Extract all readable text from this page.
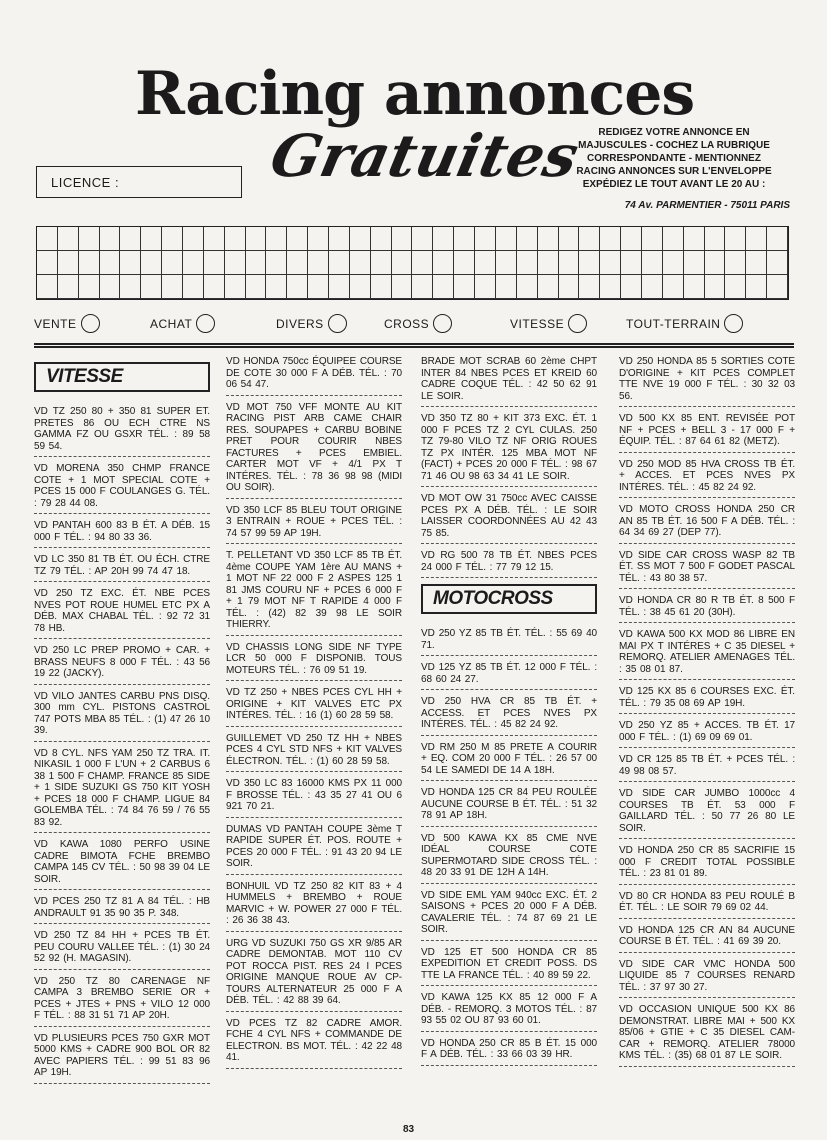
Racing annonces
Gratuites
LICENCE :
REDIGEZ VOTRE ANNONCE EN
MAJUSCULES - COCHEZ LA RUBRIQUE
CORRESPONDANTE - MENTIONNEZ
RACING ANNONCES SUR L'ENVELOPPE
EXPÉDIEZ LE TOUT AVANT LE 20 AU :
74 Av. PARMENTIER - 75011 PARIS
VENTE	ACHAT	DIVERS	CROSS	VITESSE	TOUT-TERRAIN
VITESSE
VD TZ 250 80 + 350 81 SUPER ET. PRETES 86 OU ECH CTRE NS GAMMA FZ OU GSXR TÉL. : 89 58 59 54.
VD MORENA 350 CHMP FRANCE COTE + 1 MOT SPECIAL COTE + PCES 15 000 F COULANGES G. TÉL. : 79 28 44 08.
VD PANTAH 600 83 B ÉT. A DÉB. 15 000 F TÉL. : 94 80 33 36.
VD LC 350 81 TB ÉT. OU ÉCH. CTRE TZ 79 TÉL. : AP 20H 99 74 47 18.
VD 250 TZ EXC. ÉT. NBE PCES NVES POT ROUE HUMEL ETC PX A DÉB. MAX CHABAL TÉL. : 92 72 31 78 HB.
VD 250 LC PREP PROMO + CAR. + BRASS NEUFS 8 000 F TÉL. : 43 56 19 22 (JACKY).
VD VILO JANTES CARBU PNS DISQ. 300 mm CYL. PISTONS CASTROL 747 POTS MBA 85 TÉL. : (1) 47 26 10 39.
VD 8 CYL. NFS YAM 250 TZ TRA. IT. NIKASIL 1 000 F L'UN + 2 CARBUS 6 38 1 500 F CHAMP. FRANCE 85 SIDE + 1 SIDE SUZUKI GS 750 KIT YOSH + PCES 18 000 F CHAMP. LIGUE 84 GOLEMBA TÉL. : 74 84 76 59 / 76 55 83 92.
VD KAWA 1080 PERFO USINE CADRE BIMOTA FCHE BREMBO CAMPA 145 CV TÉL. : 50 98 39 04 LE SOIR.
VD PCES 250 TZ 81 A 84 TÉL. : HB ANDRAULT 91 35 90 35 P. 348.
VD 250 TZ 84 HH + PCES TB ÉT. PEU COURU VALLEE TÉL. : (1) 30 24 52 92 (H. MAGASIN).
VD 250 TZ 80 CARENAGE NF CAMPA 3 BREMBO SERIE OR + PCES + JTES + PNS + VILO 12 000 F TÉL. : 88 31 51 71 AP 20H.
VD PLUSIEURS PCES 750 GXR MOT 5000 KMS + CADRE 900 BOL OR 82 AVEC PAPIERS TÉL. : 99 51 83 96 AP 19H.
VD HONDA 750cc ÉQUIPEE COURSE DE COTE 30 000 F A DÉB. TÉL. : 70 06 54 47.
VD MOT 750 VFF MONTE AU KIT RACING PIST ARB CAME CHAIR RES. SOUPAPES + CARBU BOBINE PRET POUR COURIR NBES FACTURES + PCES EMBIEL. CARTER MOT VF + 4/1 PX T INTÉRES. TÉL. : 78 36 98 98 (MIDI OU SOIR).
VD 350 LCF 85 BLEU TOUT ORIGINE 3 ENTRAIN + ROUE + PCES TÉL. : 74 57 99 59 AP 19H.
T. PELLETANT VD 350 LCF 85 TB ÉT. 4ème COUPE YAM 1ère AU MANS + 1 MOT NF 22 000 F 2 ASPES 125 1 81 JMS COURU NF + PCES 6 000 F + 1 79 MOT NF T RAPIDE 4 000 F TÉL. : (42) 82 39 98 LE SOIR THIERRY.
VD CHASSIS LONG SIDE NF TYPE LCR 50 000 F DISPONIB. TOUS MOTEURS TÉL. : 76 09 51 19.
VD TZ 250 + NBES PCES CYL HH + ORIGINE + KIT VALVES ETC PX INTÉRES. TÉL. : 16 (1) 60 28 59 58.
GUILLEMET VD 250 TZ HH + NBES PCES 4 CYL STD NFS + KIT VALVES ÉLECTRON. TÉL. : (1) 60 28 59 58.
VD 350 LC 83 16000 KMS PX 11 000 F BROSSE TÉL. : 43 35 27 41 OU 6 921 70 21.
DUMAS VD PANTAH COUPE 3ème T RAPIDE SUPER ÉT. POS. ROUTE + PCES 20 000 F TÉL. : 91 43 20 94 LE SOIR.
BONHUIL VD TZ 250 82 KIT 83 + 4 HUMMELS + BREMBO + ROUE MARVIC + W. POWER 27 000 F TÉL. : 26 36 38 43.
URG VD SUZUKI 750 GS XR 9/85 AR CADRE DEMONTAB. MOT 110 CV POT ROCCA PIST. RES 24 I PCES ORIGINE MANQUE ROUE AV CP-TOURS ALTERNATEUR 25 000 F A DÉB. TÉL. : 42 88 39 64.
VD PCES TZ 82 CADRE AMOR. FCHE 4 CYL NFS + COMMANDE DE ELECTRON. BS MOT. TÉL. : 42 22 48 41.
BRADE MOT SCRAB 60 2ème CHPT INTER 84 NBES PCES ET KREID 60 CADRE COQUE TÉL. : 42 50 62 91 LE SOIR.
VD 350 TZ 80 + KIT 373 EXC. ÉT. 1 000 F PCES TZ 2 CYL CULAS. 250 TZ 79-80 VILO TZ NF ORIG ROUES TZ PX INTÉR. 125 MBA MOT NF (FACT) + PCES 20 000 F TÉL. : 98 67 71 46 OU 98 63 34 41 LE SOIR.
VD MOT OW 31 750cc AVEC CAISSE PCES PX A DÉB. TÉL. : LE SOIR LAISSER COORDONNÉES AU 42 43 75 85.
VD RG 500 78 TB ÉT. NBES PCES 24 000 F TÉL. : 77 79 12 15.
MOTOCROSS
VD 250 YZ 85 TB ÉT. TÉL. : 55 69 40 71.
VD 125 YZ 85 TB ÉT. 12 000 F TÉL. : 68 60 24 27.
VD 250 HVA CR 85 TB ÉT. + ACCESS. ET PCES NVES PX INTÉRES. TÉL. : 45 82 24 92.
VD RM 250 M 85 PRETE A COURIR + EQ. COM 20 000 F TÉL. : 26 57 00 54 LE SAMEDI DE 14 A 18H.
VD HONDA 125 CR 84 PEU ROULÉE AUCUNE COURSE B ÉT. TÉL. : 51 32 78 91 AP 18H.
VD 500 KAWA KX 85 CME NVE IDÉAL COURSE COTE SUPERMOTARD SIDE CROSS TÉL. : 48 20 33 91 DE 12H A 14H.
VD SIDE EML YAM 940cc EXC. ÉT. 2 SAISONS + PCES 20 000 F A DÉB. CAVALERIE TÉL. : 74 87 69 21 LE SOIR.
VD 125 ET 500 HONDA CR 85 EXPEDITION ET CREDIT POSS. DS TTE LA FRANCE TÉL. : 40 89 59 22.
VD KAWA 125 KX 85 12 000 F A DÉB. - REMORQ. 3 MOTOS TÉL. : 87 93 55 02 OU 87 93 60 01.
VD HONDA 250 CR 85 B ÉT. 15 000 F A DÉB. TÉL. : 33 66 03 39 HR.
VD 250 HONDA 85 5 SORTIES COTE D'ORIGINE + KIT PCES COMPLET TTE NVE 19 000 F TÉL. : 30 32 03 56.
VD 500 KX 85 ENT. REVISÉE POT NF + PCES + BELL 3 - 17 000 F + ÉQUIP. TÉL. : 87 64 61 82 (METZ).
VD 250 MOD 85 HVA CROSS TB ÉT. + ACCES. ET PCES NVES PX INTÉRES. TÉL. : 45 82 24 92.
VD MOTO CROSS HONDA 250 CR AN 85 TB ÉT. 16 500 F A DÉB. TÉL. : 64 34 69 27 (DEP 77).
VD SIDE CAR CROSS WASP 82 TB ÉT. SS MOT 7 500 F GODET PASCAL TÉL. : 43 80 38 57.
VD HONDA CR 80 R TB ÉT. 8 500 F TÉL. : 38 45 61 20 (30H).
VD KAWA 500 KX MOD 86 LIBRE EN MAI PX T INTÉRES + C 35 DIESEL + REMORQ. ATELIER AMENAGES TÉL. : 35 08 01 87.
VD 125 KX 85 6 COURSES EXC. ÉT. TÉL. : 79 35 08 69 AP 19H.
VD 250 YZ 85 + ACCES. TB ÉT. 17 000 F TÉL. : (1) 69 09 69 01.
VD CR 125 85 TB ÉT. + PCES TÉL. : 49 98 08 57.
VD SIDE CAR JUMBO 1000cc 4 COURSES TB ÉT. 53 000 F GAILLARD TÉL. : 50 77 26 80 LE SOIR.
VD HONDA 250 CR 85 SACRIFIE 15 000 F CREDIT TOTAL POSSIBLE TÉL. : 23 81 01 89.
VD 80 CR HONDA 83 PEU ROULÉ B ÉT. TÉL. : LE SOIR 79 69 02 44.
VD HONDA 125 CR AN 84 AUCUNE COURSE B ÉT. TÉL. : 41 69 39 20.
VD SIDE CAR VMC HONDA 500 LIQUIDE 85 7 COURSES RENARD TÉL. : 37 97 30 27.
VD OCCASION UNIQUE 500 KX 86 DEMONSTRAT. LIBRE MAI + 500 KX 85/06 + GTIE + C 35 DIESEL CAM-CAR + REMORQ. ATELIER 78000 KMS TÉL. : (35) 68 01 87 LE SOIR.
83
